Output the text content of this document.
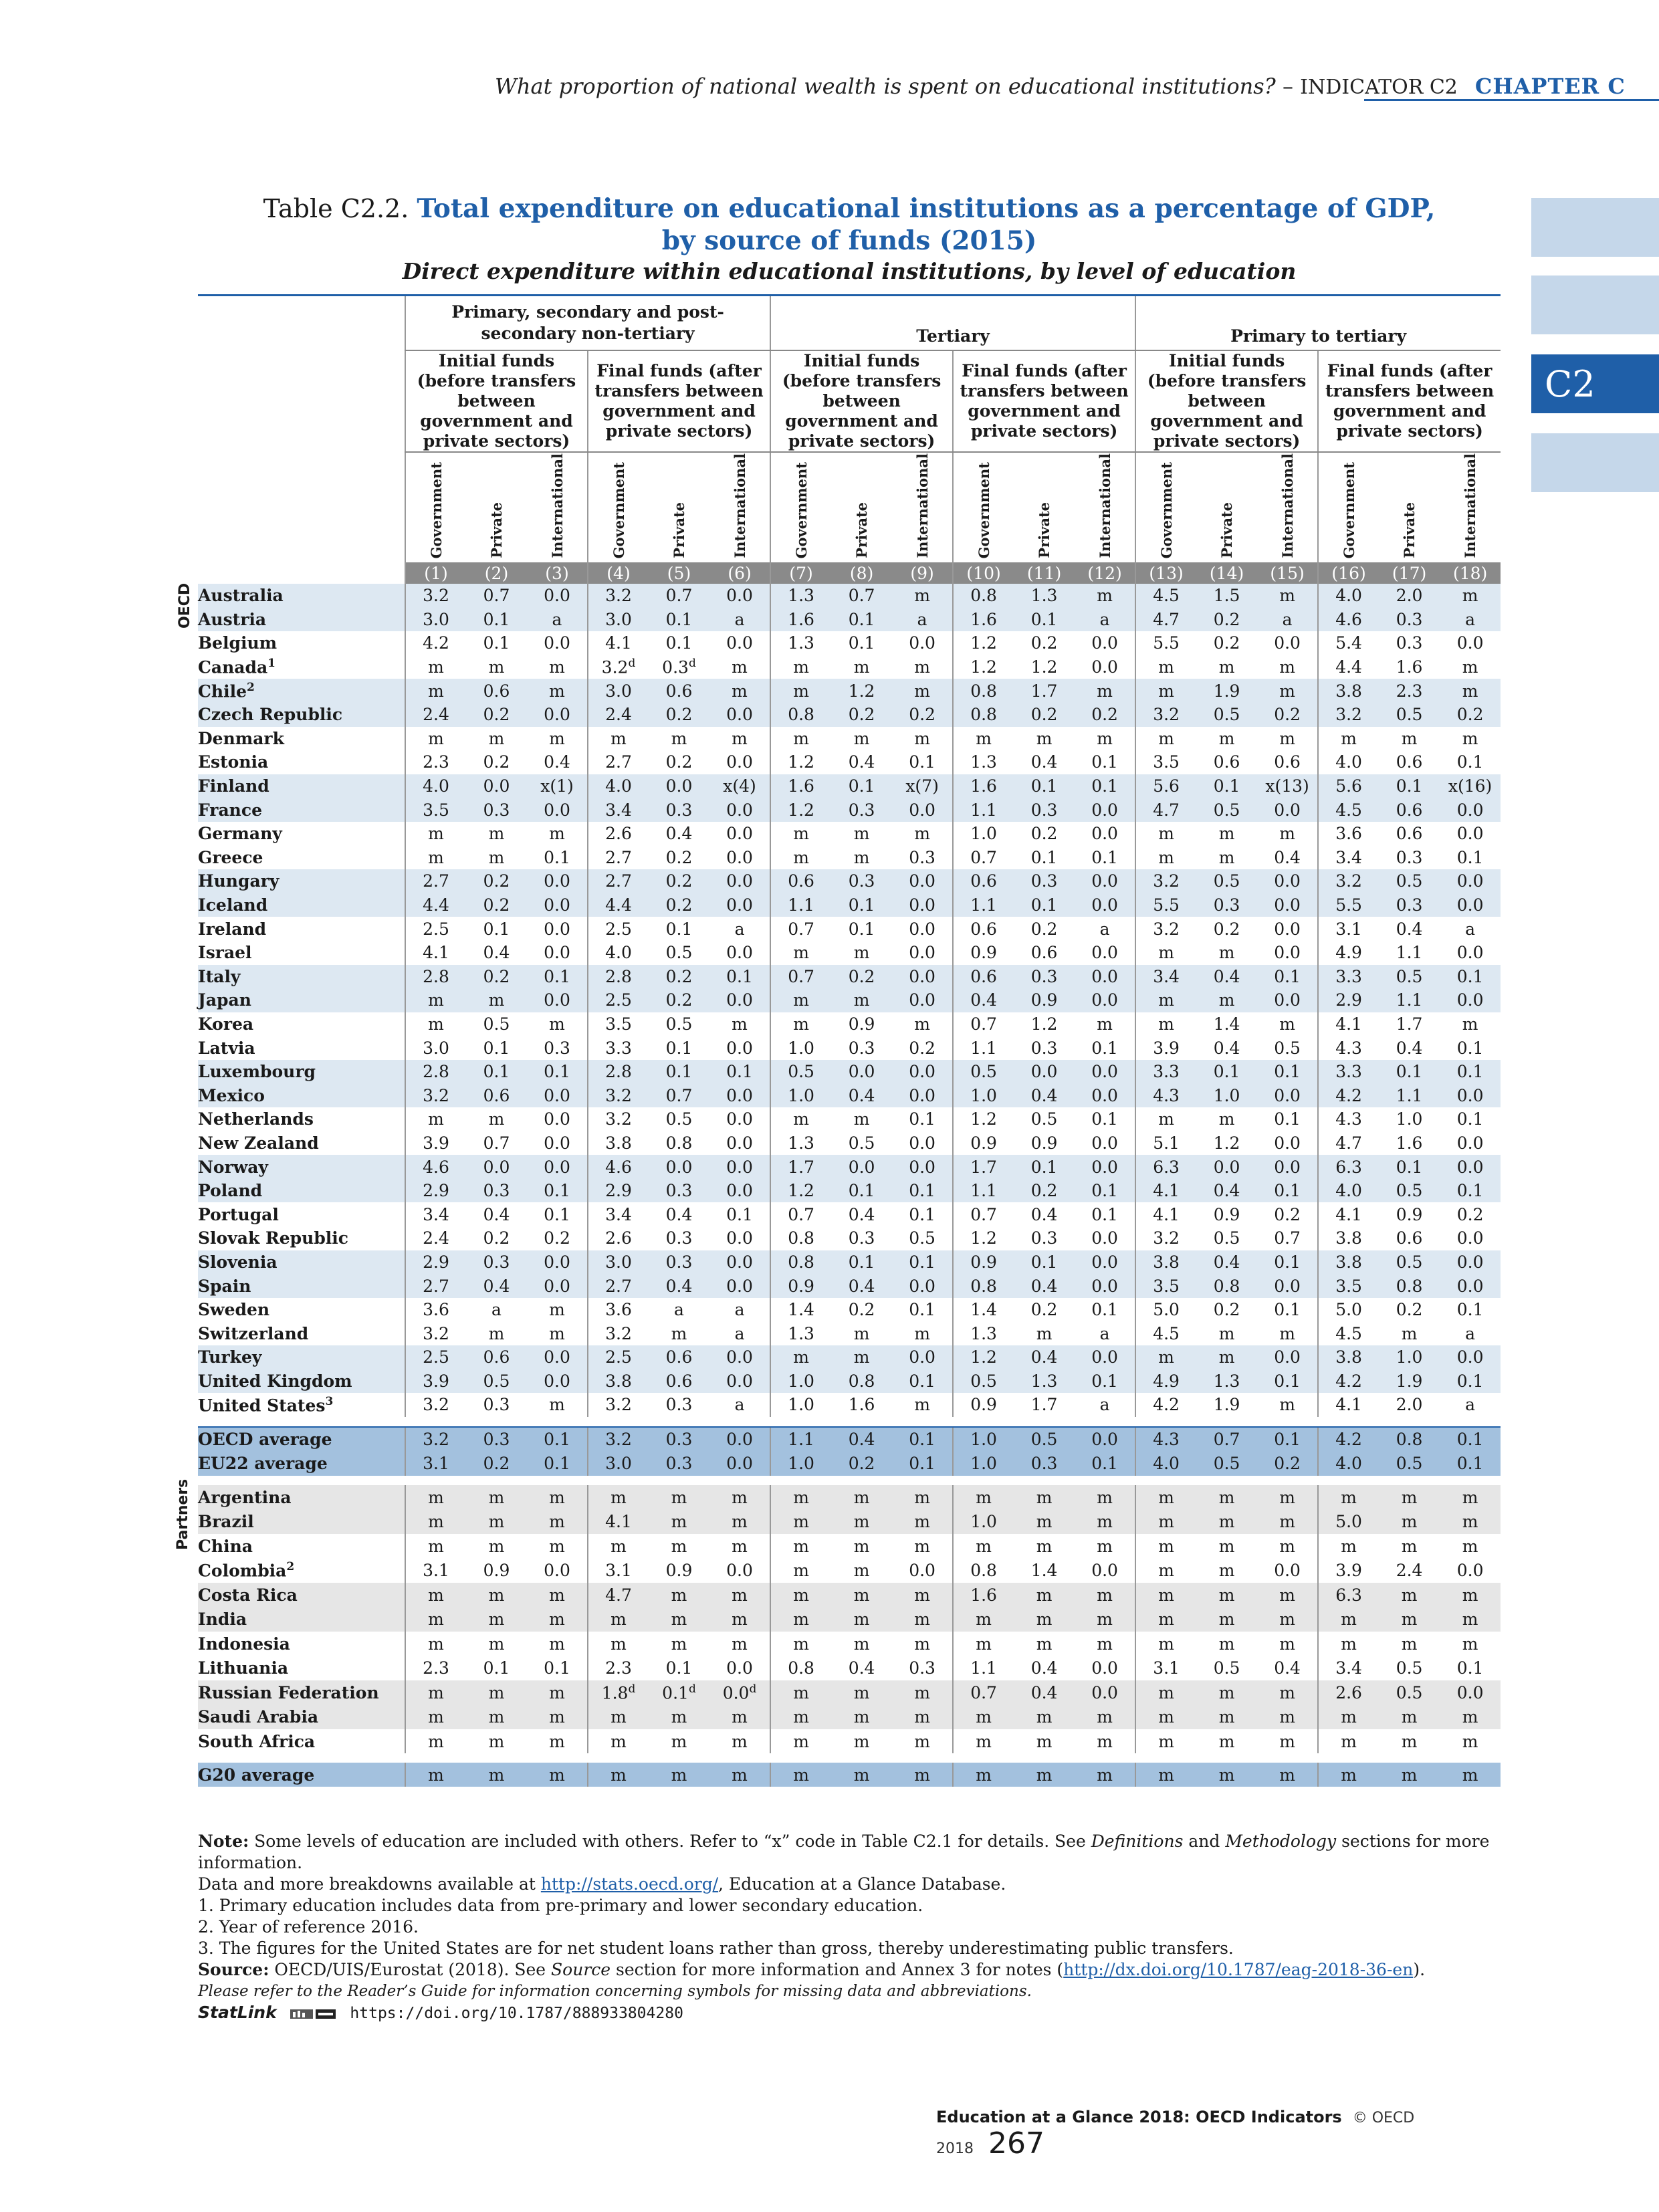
What proportion of national wealth is spent on educational institutions? – INDICATOR C2 CHAPTER C
C2
Table C2.2. Total expenditure on educational institutions as a percentage of GDP,
by source of funds (2015)
Direct expenditure within educational institutions, by level of education
OECD
Partners
	Primary, secondary and post-secondary non-tertiary						Tertiary						Primary to tertiary					
	Initial funds (before transfers between government and private sectors)			Final funds (after transfers between government and private sectors)			Initial funds (before transfers between government and private sectors)			Final funds (after transfers between government and private sectors)			Initial funds (before transfers between government and private sectors)			Final funds (after transfers between government and private sectors)		
	Government	Private	International	Government	Private	International	Government	Private	International	Government	Private	International	Government	Private	International	Government	Private	International
	(1)	(2)	(3)	(4)	(5)	(6)	(7)	(8)	(9)	(10)	(11)	(12)	(13)	(14)	(15)	(16)	(17)	(18)
Australia	3.2	0.7	0.0	3.2	0.7	0.0	1.3	0.7	m	0.8	1.3	m	4.5	1.5	m	4.0	2.0	m
Austria	3.0	0.1	a	3.0	0.1	a	1.6	0.1	a	1.6	0.1	a	4.7	0.2	a	4.6	0.3	a
Belgium	4.2	0.1	0.0	4.1	0.1	0.0	1.3	0.1	0.0	1.2	0.2	0.0	5.5	0.2	0.0	5.4	0.3	0.0
Canada$^1$	m	m	m	3.2$^d$	0.3$^d$	m	m	m	m	1.2	1.2	0.0	m	m	m	4.4	1.6	m
Chile$^2$	m	0.6	m	3.0	0.6	m	m	1.2	m	0.8	1.7	m	m	1.9	m	3.8	2.3	m
Czech Republic	2.4	0.2	0.0	2.4	0.2	0.0	0.8	0.2	0.2	0.8	0.2	0.2	3.2	0.5	0.2	3.2	0.5	0.2
Denmark	m	m	m	m	m	m	m	m	m	m	m	m	m	m	m	m	m	m
Estonia	2.3	0.2	0.4	2.7	0.2	0.0	1.2	0.4	0.1	1.3	0.4	0.1	3.5	0.6	0.6	4.0	0.6	0.1
Finland	4.0	0.0	x(1)	4.0	0.0	x(4)	1.6	0.1	x(7)	1.6	0.1	0.1	5.6	0.1	x(13)	5.6	0.1	x(16)
France	3.5	0.3	0.0	3.4	0.3	0.0	1.2	0.3	0.0	1.1	0.3	0.0	4.7	0.5	0.0	4.5	0.6	0.0
Germany	m	m	m	2.6	0.4	0.0	m	m	m	1.0	0.2	0.0	m	m	m	3.6	0.6	0.0
Greece	m	m	0.1	2.7	0.2	0.0	m	m	0.3	0.7	0.1	0.1	m	m	0.4	3.4	0.3	0.1
Hungary	2.7	0.2	0.0	2.7	0.2	0.0	0.6	0.3	0.0	0.6	0.3	0.0	3.2	0.5	0.0	3.2	0.5	0.0
Iceland	4.4	0.2	0.0	4.4	0.2	0.0	1.1	0.1	0.0	1.1	0.1	0.0	5.5	0.3	0.0	5.5	0.3	0.0
Ireland	2.5	0.1	0.0	2.5	0.1	a	0.7	0.1	0.0	0.6	0.2	a	3.2	0.2	0.0	3.1	0.4	a
Israel	4.1	0.4	0.0	4.0	0.5	0.0	m	m	0.0	0.9	0.6	0.0	m	m	0.0	4.9	1.1	0.0
Italy	2.8	0.2	0.1	2.8	0.2	0.1	0.7	0.2	0.0	0.6	0.3	0.0	3.4	0.4	0.1	3.3	0.5	0.1
Japan	m	m	0.0	2.5	0.2	0.0	m	m	0.0	0.4	0.9	0.0	m	m	0.0	2.9	1.1	0.0
Korea	m	0.5	m	3.5	0.5	m	m	0.9	m	0.7	1.2	m	m	1.4	m	4.1	1.7	m
Latvia	3.0	0.1	0.3	3.3	0.1	0.0	1.0	0.3	0.2	1.1	0.3	0.1	3.9	0.4	0.5	4.3	0.4	0.1
Luxembourg	2.8	0.1	0.1	2.8	0.1	0.1	0.5	0.0	0.0	0.5	0.0	0.0	3.3	0.1	0.1	3.3	0.1	0.1
Mexico	3.2	0.6	0.0	3.2	0.7	0.0	1.0	0.4	0.0	1.0	0.4	0.0	4.3	1.0	0.0	4.2	1.1	0.0
Netherlands	m	m	0.0	3.2	0.5	0.0	m	m	0.1	1.2	0.5	0.1	m	m	0.1	4.3	1.0	0.1
New Zealand	3.9	0.7	0.0	3.8	0.8	0.0	1.3	0.5	0.0	0.9	0.9	0.0	5.1	1.2	0.0	4.7	1.6	0.0
Norway	4.6	0.0	0.0	4.6	0.0	0.0	1.7	0.0	0.0	1.7	0.1	0.0	6.3	0.0	0.0	6.3	0.1	0.0
Poland	2.9	0.3	0.1	2.9	0.3	0.0	1.2	0.1	0.1	1.1	0.2	0.1	4.1	0.4	0.1	4.0	0.5	0.1
Portugal	3.4	0.4	0.1	3.4	0.4	0.1	0.7	0.4	0.1	0.7	0.4	0.1	4.1	0.9	0.2	4.1	0.9	0.2
Slovak Republic	2.4	0.2	0.2	2.6	0.3	0.0	0.8	0.3	0.5	1.2	0.3	0.0	3.2	0.5	0.7	3.8	0.6	0.0
Slovenia	2.9	0.3	0.0	3.0	0.3	0.0	0.8	0.1	0.1	0.9	0.1	0.0	3.8	0.4	0.1	3.8	0.5	0.0
Spain	2.7	0.4	0.0	2.7	0.4	0.0	0.9	0.4	0.0	0.8	0.4	0.0	3.5	0.8	0.0	3.5	0.8	0.0
Sweden	3.6	a	m	3.6	a	a	1.4	0.2	0.1	1.4	0.2	0.1	5.0	0.2	0.1	5.0	0.2	0.1
Switzerland	3.2	m	m	3.2	m	a	1.3	m	m	1.3	m	a	4.5	m	m	4.5	m	a
Turkey	2.5	0.6	0.0	2.5	0.6	0.0	m	m	0.0	1.2	0.4	0.0	m	m	0.0	3.8	1.0	0.0
United Kingdom	3.9	0.5	0.0	3.8	0.6	0.0	1.0	0.8	0.1	0.5	1.3	0.1	4.9	1.3	0.1	4.2	1.9	0.1
United States$^3$	3.2	0.3	m	3.2	0.3	a	1.0	1.6	m	0.9	1.7	a	4.2	1.9	m	4.1	2.0	a

OECD average	3.2	0.3	0.1	3.2	0.3	0.0	1.1	0.4	0.1	1.0	0.5	0.0	4.3	0.7	0.1	4.2	0.8	0.1
EU22 average	3.1	0.2	0.1	3.0	0.3	0.0	1.0	0.2	0.1	1.0	0.3	0.1	4.0	0.5	0.2	4.0	0.5	0.1

Argentina	m	m	m	m	m	m	m	m	m	m	m	m	m	m	m	m	m	m
Brazil	m	m	m	4.1	m	m	m	m	m	1.0	m	m	m	m	m	5.0	m	m
China	m	m	m	m	m	m	m	m	m	m	m	m	m	m	m	m	m	m
Colombia$^2$	3.1	0.9	0.0	3.1	0.9	0.0	m	m	0.0	0.8	1.4	0.0	m	m	0.0	3.9	2.4	0.0
Costa Rica	m	m	m	4.7	m	m	m	m	m	1.6	m	m	m	m	m	6.3	m	m
India	m	m	m	m	m	m	m	m	m	m	m	m	m	m	m	m	m	m
Indonesia	m	m	m	m	m	m	m	m	m	m	m	m	m	m	m	m	m	m
Lithuania	2.3	0.1	0.1	2.3	0.1	0.0	0.8	0.4	0.3	1.1	0.4	0.0	3.1	0.5	0.4	3.4	0.5	0.1
Russian Federation	m	m	m	1.8$^d$	0.1$^d$	0.0$^d$	m	m	m	0.7	0.4	0.0	m	m	m	2.6	0.5	0.0
Saudi Arabia	m	m	m	m	m	m	m	m	m	m	m	m	m	m	m	m	m	m
South Africa	m	m	m	m	m	m	m	m	m	m	m	m	m	m	m	m	m	m

G20 average	m	m	m	m	m	m	m	m	m	m	m	m	m	m	m	m	m	m

Note: Some levels of education are included with others. Refer to “x” code in Table C2.1 for details. See Definitions and Methodology sections for more information.

Data and more breakdowns available at http://stats.oecd.org/, Education at a Glance Database.

1. Primary education includes data from pre-primary and lower secondary education.

2. Year of reference 2016.

3. The figures for the United States are for net student loans rather than gross, thereby underestimating public transfers.

Source: OECD/UIS/Eurostat (2018). See Source section for more information and Annex 3 for notes (http://dx.doi.org/10.1787/eag-2018-36-en).

Please refer to the Reader’s Guide for information concerning symbols for missing data and abbreviations.

StatLink	https://doi.org/10.1787/888933804280

Education at a Glance 2018: OECD Indicators © OECD 2018 267
